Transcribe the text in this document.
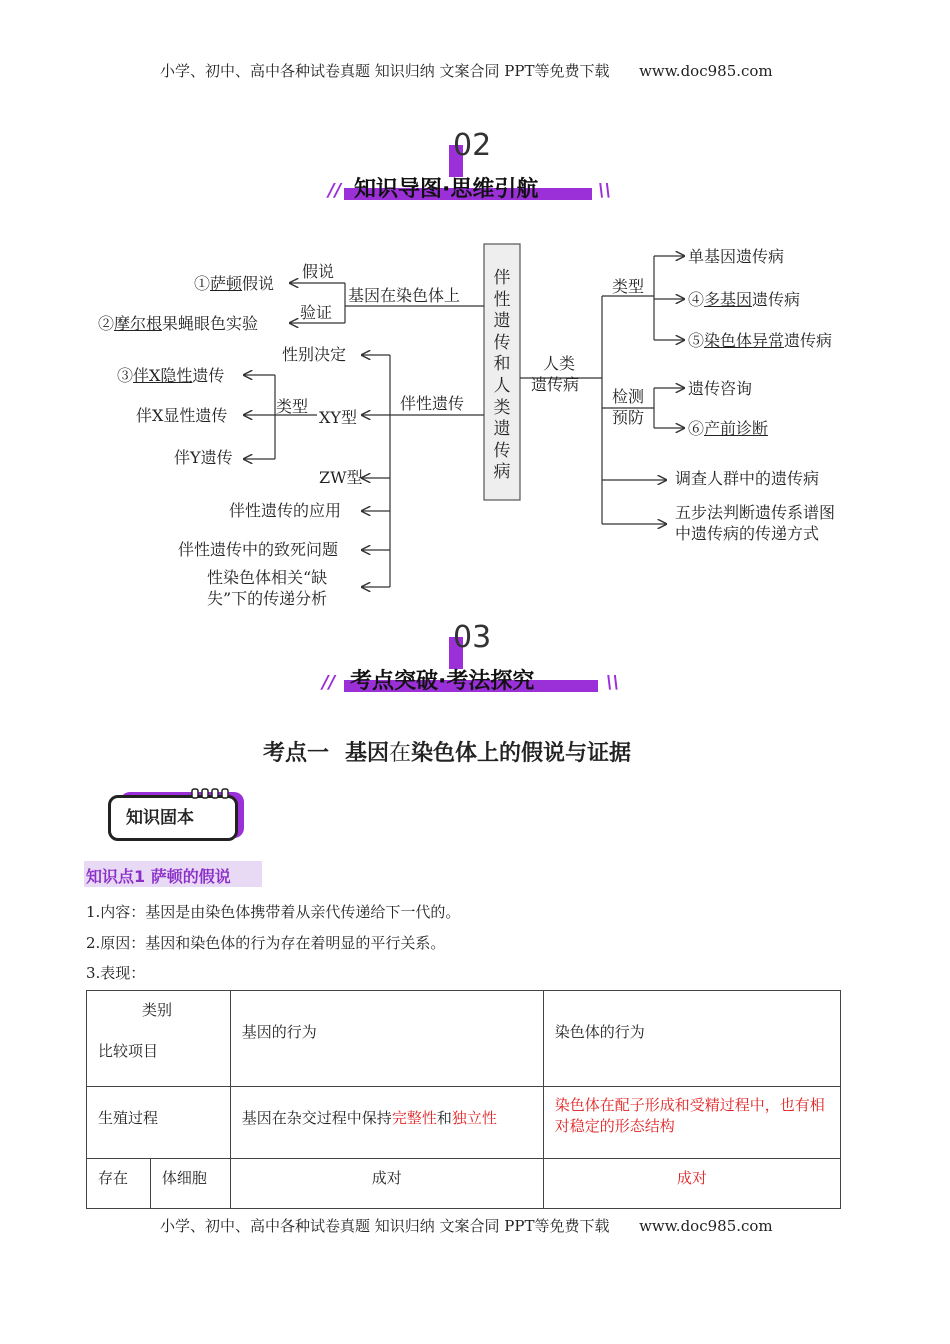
小学、初中、高中各种试卷真题 知识归纳 文案合同 PPT等免费下载 www.doc985.com
02
//	\\
知识导图·思维引航
伴
性
遗
传
和
人
类
遗
传
病
基因在染色体上
假说
验证
①萨顿假说
②摩尔根果蝇眼色实验
伴性遗传
性别决定
XY型
类型
③伴X隐性遗传
伴X显性遗传
伴Y遗传
ZW型
伴性遗传的应用
伴性遗传中的致死问题
性染色体相关“缺
失”下的传递分析
人类
遗传病
类型
单基因遗传病
④多基因遗传病
⑤染色体异常遗传病
检测
预防
遗传咨询
⑥产前诊断
调查人群中的遗传病
五步法判断遗传系谱图
中遗传病的传递方式
03
//	\\
考点突破·考法探究
考点一 基因在染色体上的假说与证据
知识固本
知识点1 萨顿的假说
1.内容：基因是由染色体携带着从亲代传递给下一代的。
2.原因：基因和染色体的行为存在着明显的平行关系。
3.表现：
类别
比较项目		基因的行为	染色体的行为

生殖过程		基因在杂交过程中保持完整性和独立性	染色体在配子形成和受精过程中，也有相对稳定的形态结构
存在	体细胞	成对	成对
小学、初中、高中各种试卷真题 知识归纳 文案合同 PPT等免费下载 www.doc985.com
